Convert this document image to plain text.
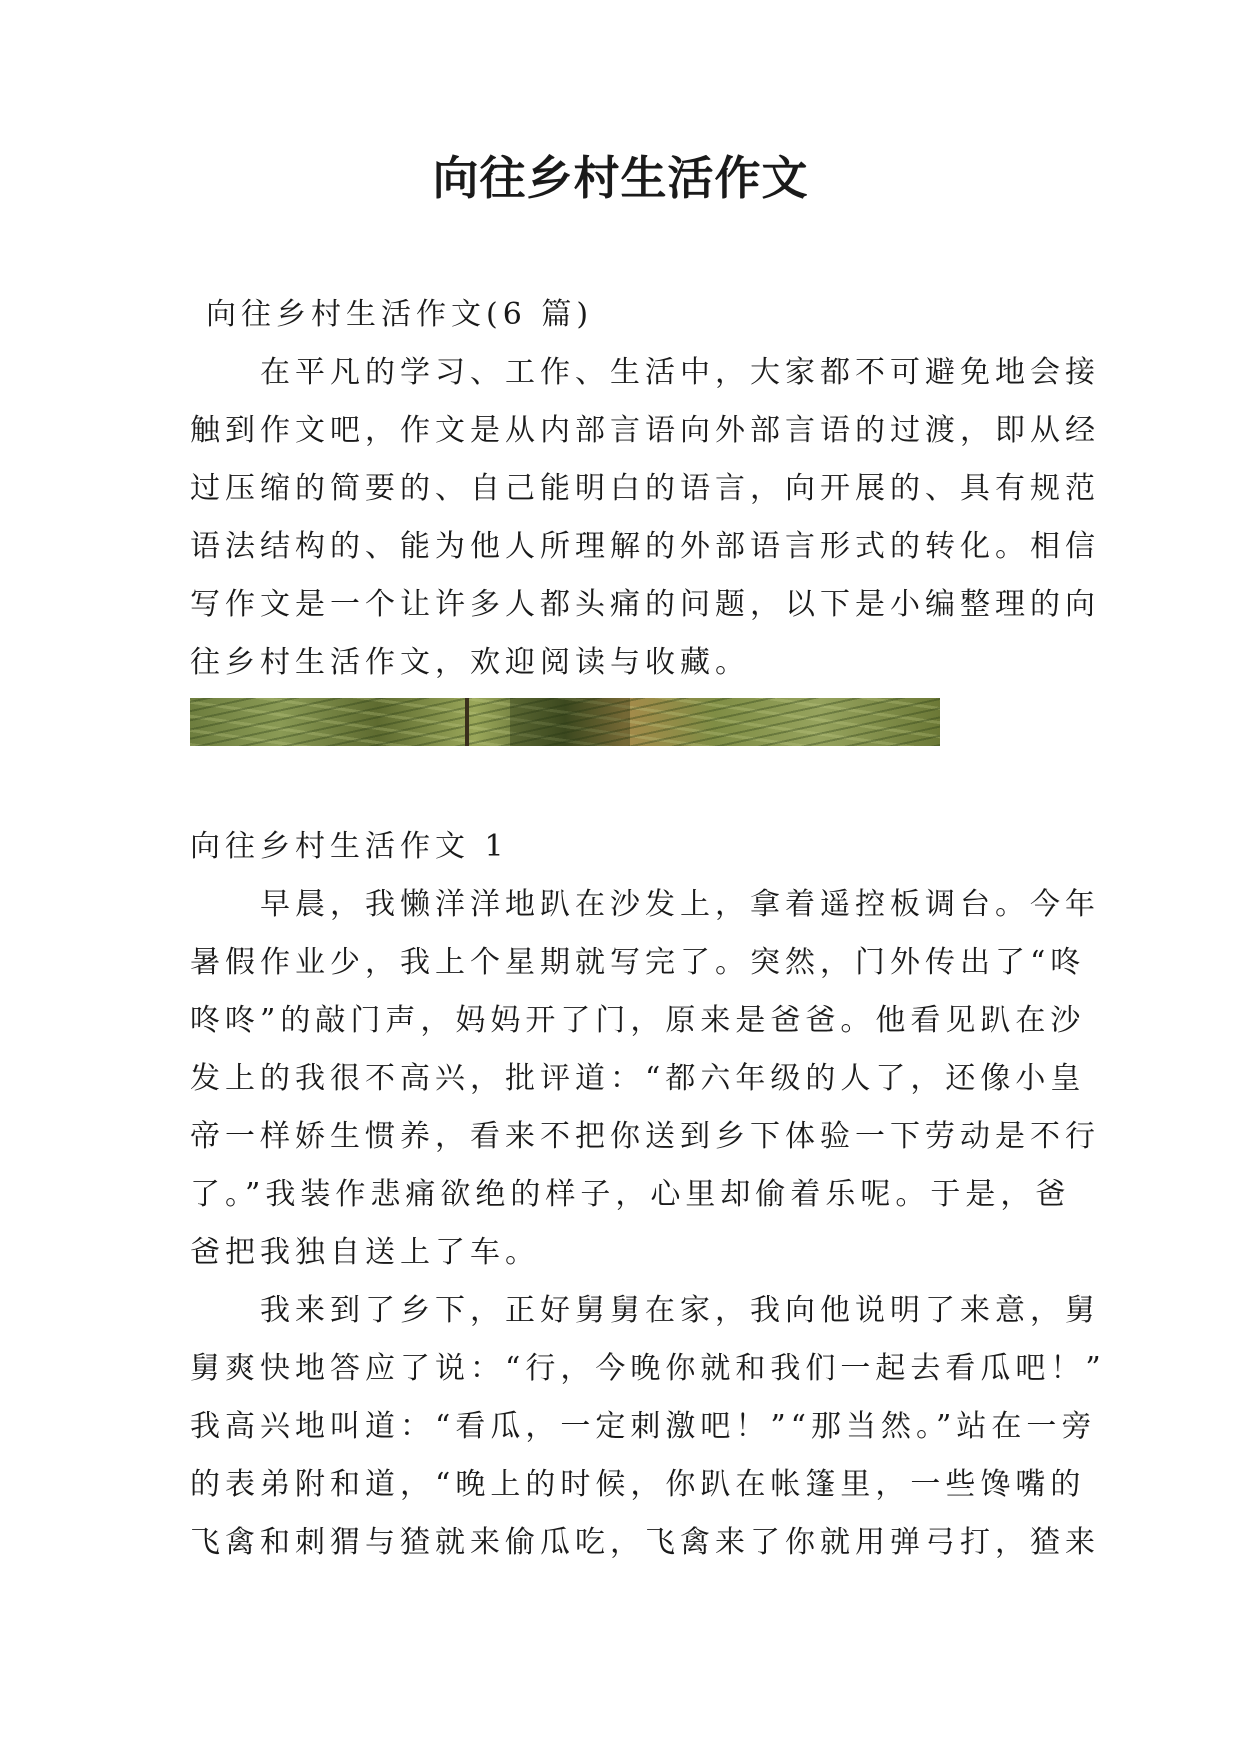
向往乡村生活作文

向往乡村生活作文(6 篇)

　　在平凡的学习、工作、生活中，大家都不可避免地会接

触到作文吧，作文是从内部言语向外部言语的过渡，即从经

过压缩的简要的、自己能明白的语言，向开展的、具有规范

语法结构的、能为他人所理解的外部语言形式的转化。相信

写作文是一个让许多人都头痛的问题，以下是小编整理的向

往乡村生活作文，欢迎阅读与收藏。

向往乡村生活作文 1

　　早晨，我懒洋洋地趴在沙发上，拿着遥控板调台。今年

暑假作业少，我上个星期就写完了。突然，门外传出了“咚

咚咚”的敲门声，妈妈开了门，原来是爸爸。他看见趴在沙

发上的我很不高兴，批评道：“都六年级的人了，还像小皇

帝一样娇生惯养，看来不把你送到乡下体验一下劳动是不行

了。”我装作悲痛欲绝的样子，心里却偷着乐呢。于是，爸

爸把我独自送上了车。

　　我来到了乡下，正好舅舅在家，我向他说明了来意，舅

舅爽快地答应了说：“行，今晚你就和我们一起去看瓜吧！”

我高兴地叫道：“看瓜，一定刺激吧！”“那当然。”站在一旁

的表弟附和道，“晚上的时候，你趴在帐篷里，一些馋嘴的

飞禽和刺猬与猹就来偷瓜吃，飞禽来了你就用弹弓打，猹来
